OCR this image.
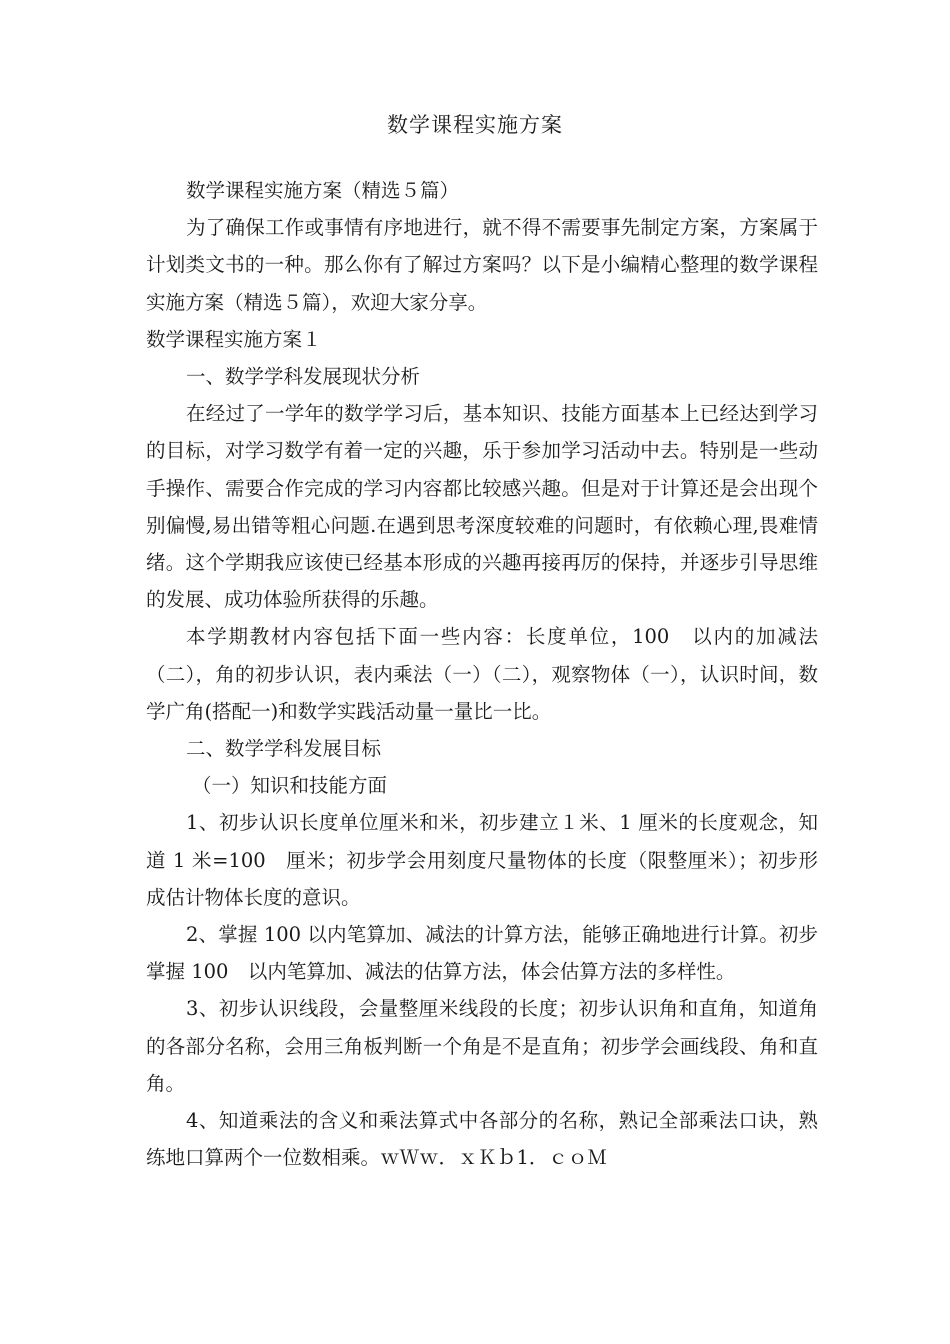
数学课程实施方案

数学课程实施方案（精选５篇）

为了确保工作或事情有序地进行，就不得不需要事先制定方案，方案属于计划类文书的一种。那么你有了解过方案吗？以下是小编精心整理的数学课程实施方案（精选５篇），欢迎大家分享。

数学课程实施方案１

一、数学学科发展现状分析

在经过了一学年的数学学习后，基本知识、技能方面基本上已经达到学习的目标，对学习数学有着一定的兴趣，乐于参加学习活动中去。特别是一些动手操作、需要合作完成的学习内容都比较感兴趣。但是对于计算还是会出现个别偏慢,易出错等粗心问题.在遇到思考深度较难的问题时，有依赖心理,畏难情绪。这个学期我应该使已经基本形成的兴趣再接再厉的保持，并逐步引导思维的发展、成功体验所获得的乐趣。

本学期教材内容包括下面一些内容：长度单位，100　以内的加减法（二），角的初步认识，表内乘法（一）（二），观察物体（一），认识时间，数学广角(搭配一)和数学实践活动量一量比一比。

二、数学学科发展目标

（一）知识和技能方面

1、初步认识长度单位厘米和米，初步建立１米、1 厘米的长度观念，知道 1 米=100　厘米；初步学会用刻度尺量物体的长度（限整厘米）；初步形成估计物体长度的意识。

2、掌握 100 以内笔算加、减法的计算方法，能够正确地进行计算。初步掌握 100　以内笔算加、减法的估算方法，体会估算方法的多样性。

3、初步认识线段，会量整厘米线段的长度；初步认识角和直角，知道角的各部分名称，会用三角板判断一个角是不是直角；初步学会画线段、角和直角。

4、知道乘法的含义和乘法算式中各部分的名称，熟记全部乘法口诀，熟练地口算两个一位数相乘。ｗＷｗ．ｘＫｂ1．ｃｏＭ
